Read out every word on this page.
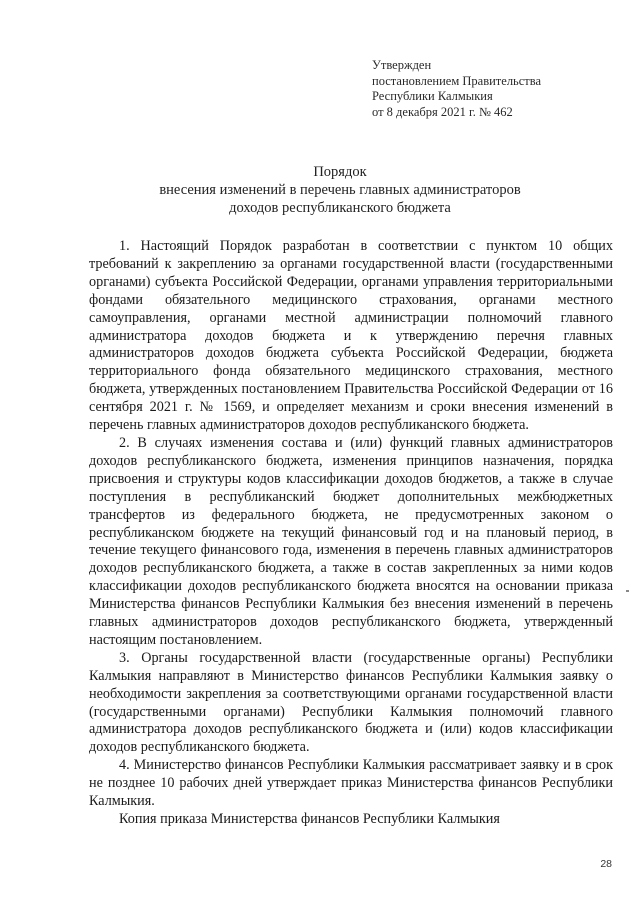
Утвержден
постановлением Правительства
Республики Калмыкия
от 8 декабря 2021 г. № 462
Порядок
внесения изменений в перечень главных администраторов
доходов республиканского бюджета

1. Настоящий Порядок разработан в соответствии с пунктом 10 общих требований к закреплению за органами государственной власти (государственными органами) субъекта Российской Федерации, органами управления территориальными фондами обязательного медицинского страхования, органами местного самоуправления, органами местной администрации полномочий главного администратора доходов бюджета и к утверждению перечня главных администраторов доходов бюджета субъекта Российской Федерации, бюджета территориального фонда обязательного медицинского страхования, местного бюджета, утвержденных постановлением Правительства Российской Федерации от 16 сентября 2021 г. № 1569, и определяет механизм и сроки внесения изменений в перечень главных администраторов доходов республиканского бюджета.

2. В случаях изменения состава и (или) функций главных администраторов доходов республиканского бюджета, изменения принципов назначения, порядка присвоения и структуры кодов классификации доходов бюджетов, а также в случае поступления в республиканский бюджет дополнительных межбюджетных трансфертов из федерального бюджета, не предусмотренных законом о республиканском бюджете на текущий финансовый год и на плановый период, в течение текущего финансового года, изменения в перечень главных администраторов доходов республиканского бюджета, а также в состав закрепленных за ними кодов классификации доходов республиканского бюджета вносятся на основании приказа Министерства финансов Республики Калмыкия без внесения изменений в перечень главных администраторов доходов республиканского бюджета, утвержденный настоящим постановлением.

3. Органы государственной власти (государственные органы) Республики Калмыкия направляют в Министерство финансов Республики Калмыкия заявку о необходимости закрепления за соответствующими органами государственной власти (государственными органами) Республики Калмыкия полномочий главного администратора доходов республиканского бюджета и (или) кодов классификации доходов республиканского бюджета.

4. Министерство финансов Республики Калмыкия рассматривает заявку и в срок не позднее 10 рабочих дней утверждает приказ Министерства финансов Республики Калмыкия.

Копия приказа Министерства финансов Республики Калмыкия

28
